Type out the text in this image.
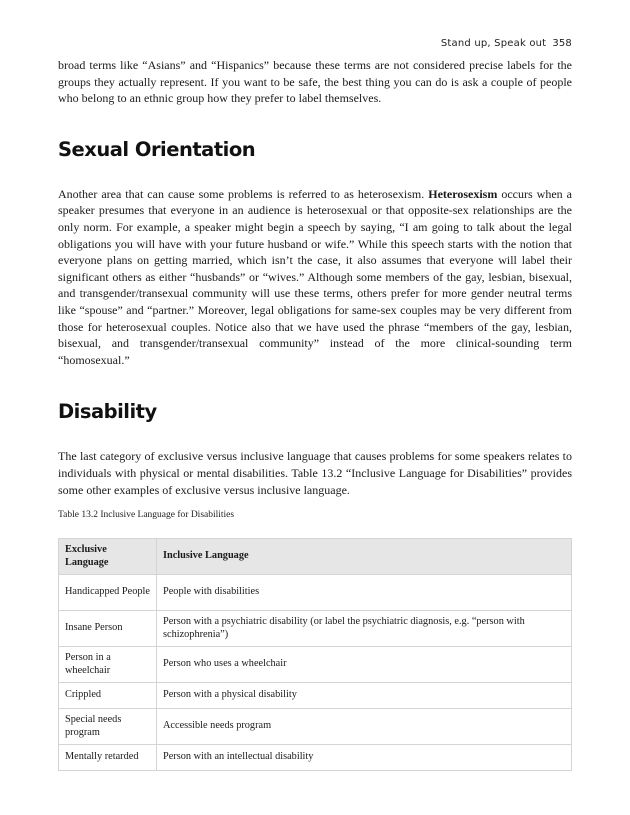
Stand up, Speak out 358

broad terms like “Asians” and “Hispanics” because these terms are not considered precise labels for the groups they actually represent. If you want to be safe, the best thing you can do is ask a couple of people who belong to an ethnic group how they prefer to label themselves.

Sexual Orientation

Another area that can cause some problems is referred to as heterosexism. Heterosexism occurs when a speaker presumes that everyone in an audience is heterosexual or that opposite-sex relationships are the only norm. For example, a speaker might begin a speech by saying, “I am going to talk about the legal obligations you will have with your future husband or wife.” While this speech starts with the notion that everyone plans on getting married, which isn’t the case, it also assumes that everyone will label their significant others as either “husbands” or “wives.” Although some members of the gay, lesbian, bisexual, and transgender/transexual community will use these terms, others prefer for more gender neutral terms like “spouse” and “partner.” Moreover, legal obligations for same-sex couples may be very different from those for heterosexual couples. Notice also that we have used the phrase “members of the gay, lesbian, bisexual, and transgender/transexual community” instead of the more clinical-sounding term “homosexual.”

Disability

The last category of exclusive versus inclusive language that causes problems for some speakers relates to individuals with physical or mental disabilities. Table 13.2 “Inclusive Language for Disabilities” provides some other examples of exclusive versus inclusive language.

Table 13.2 Inclusive Language for Disabilities
Exclusive Language	Inclusive Language
Handicapped People	People with disabilities
Insane Person	Person with a psychiatric disability (or label the psychiatric diagnosis, e.g. “person with schizophrenia”)
Person in a wheelchair	Person who uses a wheelchair
Crippled	Person with a physical disability
Special needs program	Accessible needs program
Mentally retarded	Person with an intellectual disability
